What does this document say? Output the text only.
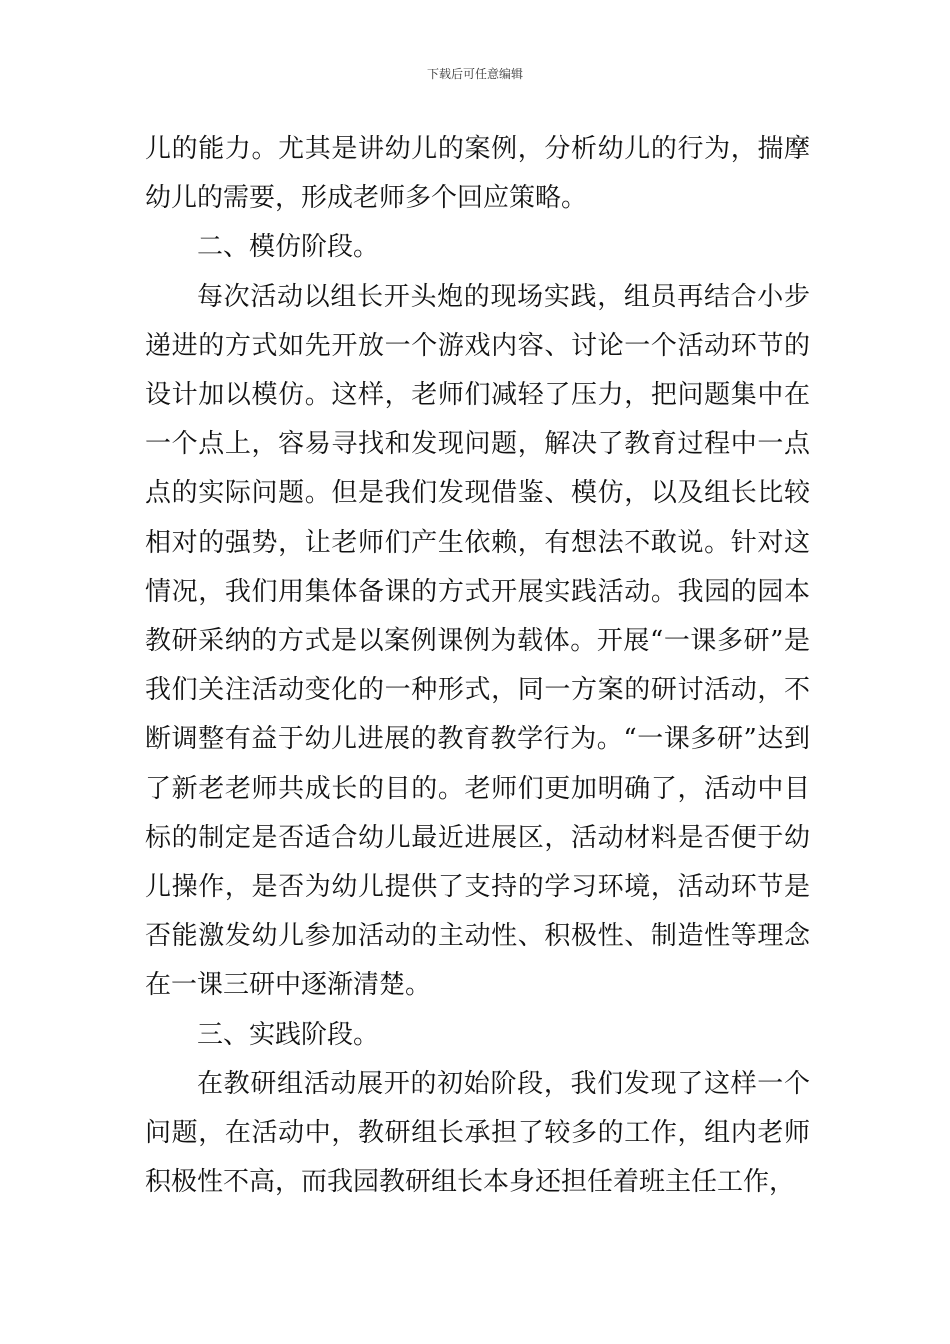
下载后可任意编辑

儿的能力。尤其是讲幼儿的案例，分析幼儿的行为，揣摩幼儿的需要，形成老师多个回应策略。

二、模仿阶段。

每次活动以组长开头炮的现场实践，组员再结合小步递进的方式如先开放一个游戏内容、讨论一个活动环节的设计加以模仿。这样，老师们减轻了压力，把问题集中在一个点上，容易寻找和发现问题，解决了教育过程中一点点的实际问题。但是我们发现借鉴、模仿，以及组长比较相对的强势，让老师们产生依赖，有想法不敢说。针对这情况，我们用集体备课的方式开展实践活动。我园的园本教研采纳的方式是以案例课例为载体。开展“一课多研”是我们关注活动变化的一种形式，同一方案的研讨活动，不断调整有益于幼儿进展的教育教学行为。“一课多研”达到了新老老师共成长的目的。老师们更加明确了，活动中目标的制定是否适合幼儿最近进展区，活动材料是否便于幼儿操作，是否为幼儿提供了支持的学习环境，活动环节是否能激发幼儿参加活动的主动性、积极性、制造性等理念在一课三研中逐渐清楚。

三、实践阶段。

在教研组活动展开的初始阶段，我们发现了这样一个问题，在活动中，教研组长承担了较多的工作，组内老师积极性不高，而我园教研组长本身还担任着班主任工作，
